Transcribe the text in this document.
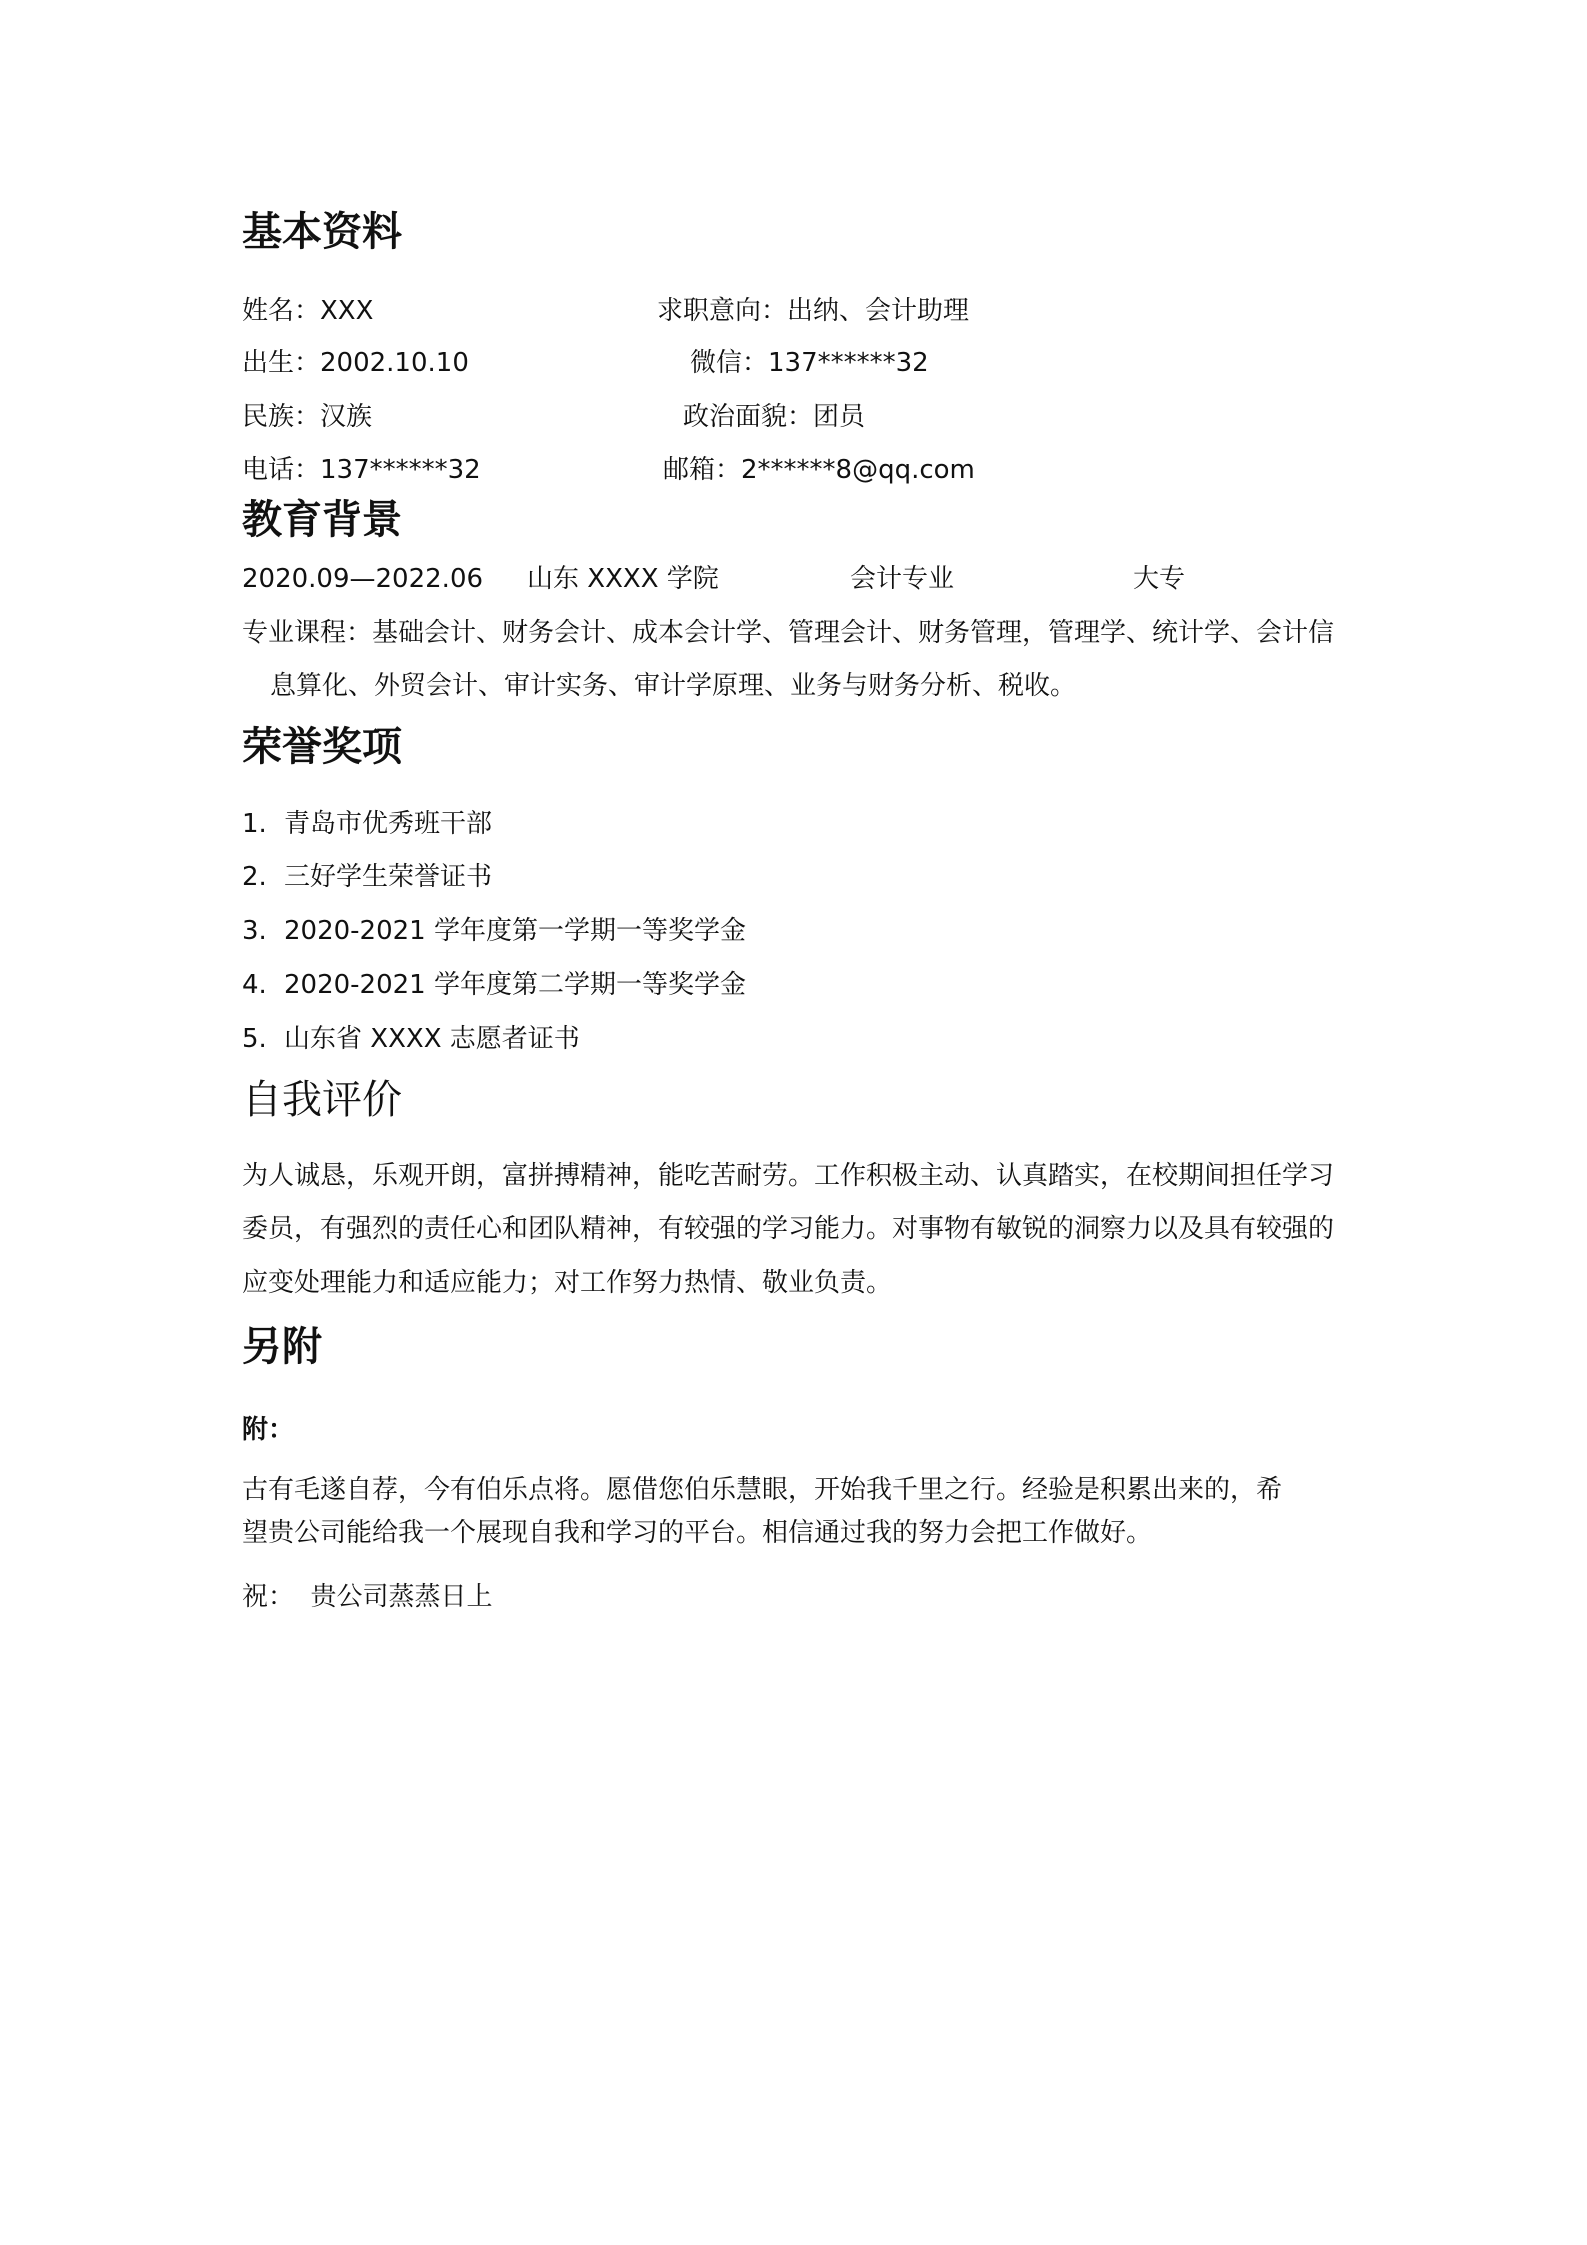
基本资料
姓名：XXX	求职意向：出纳、会计助理
出生：2002.10.10	微信：137******32
民族：汉族	政治面貌：团员
电话：137******32	邮箱：2******8@qq.com
教育背景
2020.09—2022.06 山东 XXXX 学院	会计专业	大专
专业课程：基础会计、财务会计、成本会计学、管理会计、财务管理，管理学、统计学、会计信
息算化、外贸会计、审计实务、审计学原理、业务与财务分析、税收。
荣誉奖项
1. 青岛市优秀班干部
2. 三好学生荣誉证书
3. 2020-2021 学年度第一学期一等奖学金
4. 2020-2021 学年度第二学期一等奖学金
5. 山东省 XXXX 志愿者证书
自我评价
为人诚恳，乐观开朗，富拼搏精神，能吃苦耐劳。工作积极主动、认真踏实，在校期间担任学习
委员，有强烈的责任心和团队精神，有较强的学习能力。对事物有敏锐的洞察力以及具有较强的
应变处理能力和适应能力；对工作努力热情、敬业负责。
另附
附：
古有毛遂自荐，今有伯乐点将。愿借您伯乐慧眼，开始我千里之行。经验是积累出来的，希
望贵公司能给我一个展现自我和学习的平台。相信通过我的努力会把工作做好。
祝：  贵公司蒸蒸日上
